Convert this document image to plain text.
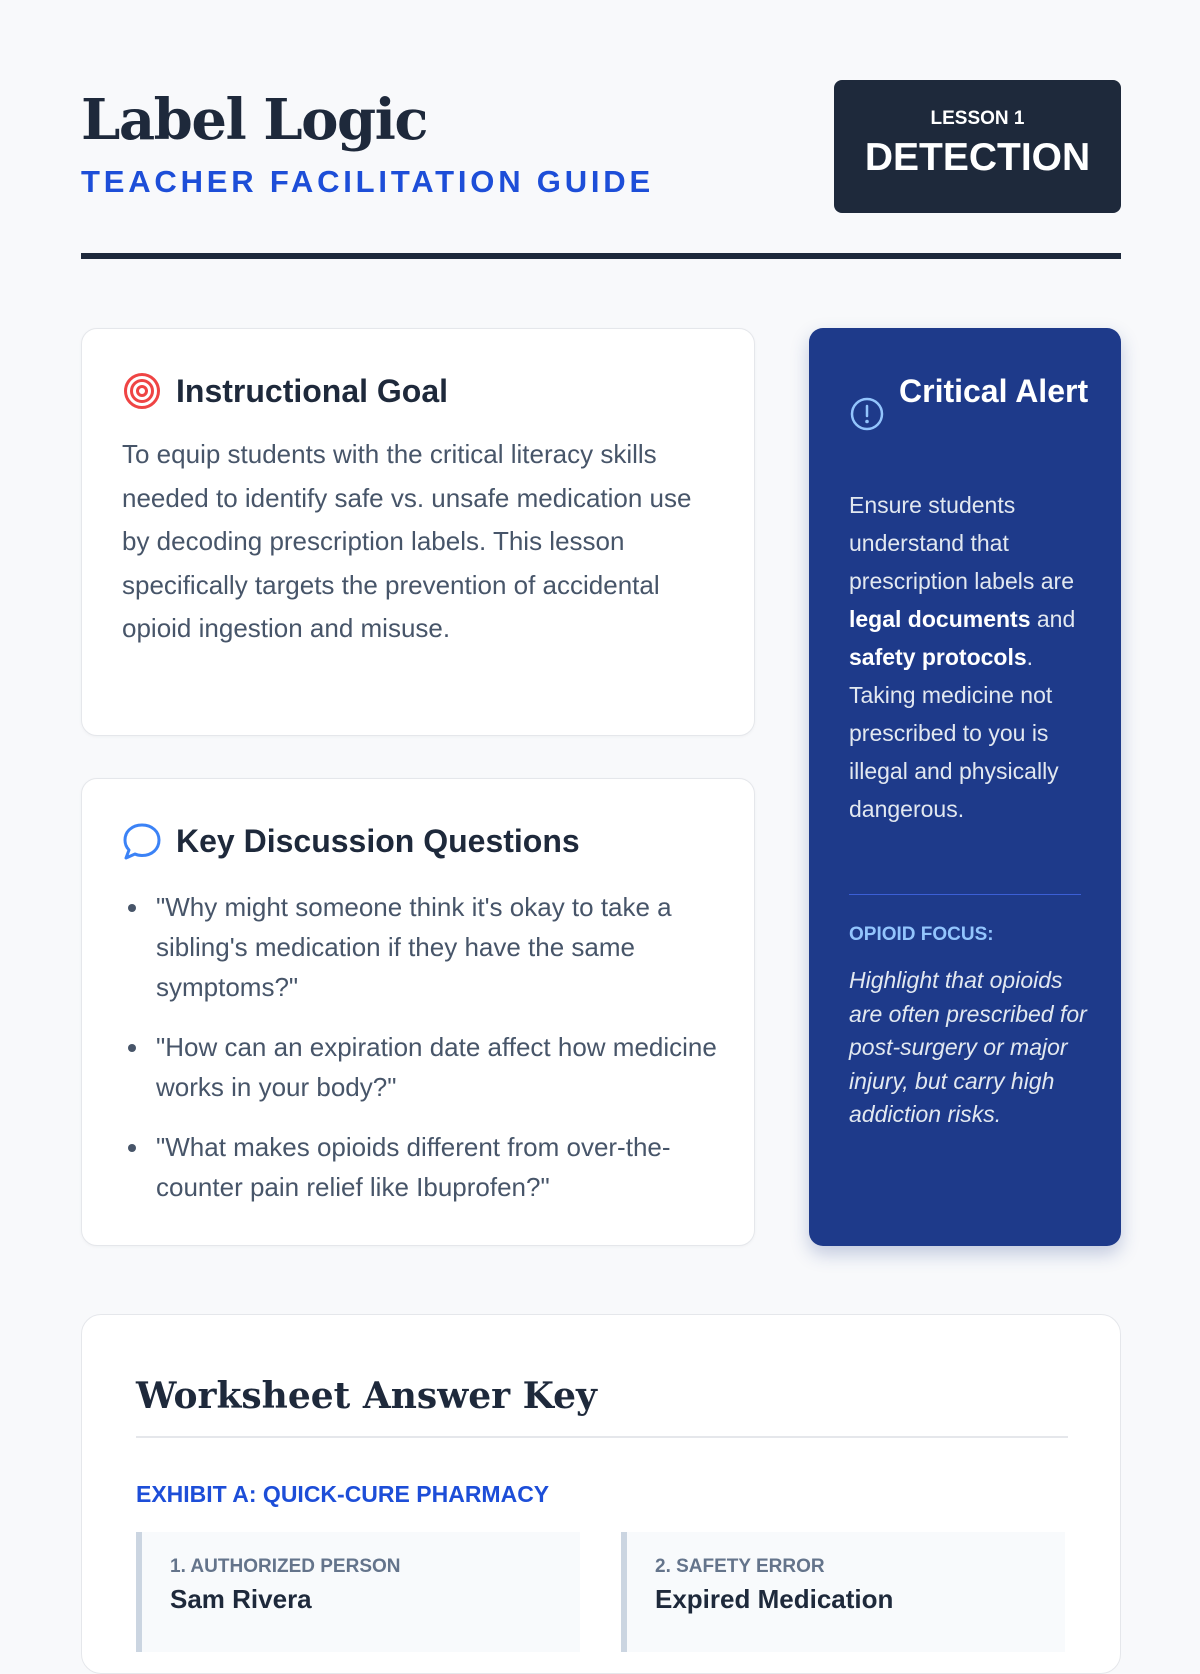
Label Logic
TEACHER FACILITATION GUIDE
LESSON 1
DETECTION
Instructional Goal

To equip students with the critical literacy skills needed to identify safe vs. unsafe medication use by decoding prescription labels. This lesson specifically targets the prevention of accidental opioid ingestion and misuse.

Key Discussion Questions
"Why might someone think it's okay to take a sibling's medication if they have the same symptoms?"
"How can an expiration date affect how medicine works in your body?"
"What makes opioids different from over-the-counter pain relief like Ibuprofen?"
Critical Alert

Ensure students understand that prescription labels are legal documents and safety protocols. Taking medicine not prescribed to you is illegal and physically dangerous.

OPIOID FOCUS:

Highlight that opioids are often prescribed for post-surgery or major injury, but carry high addiction risks.

Worksheet Answer Key
EXHIBIT A: QUICK-CURE PHARMACY
1. AUTHORIZED PERSON
Sam Rivera
2. SAFETY ERROR
Expired Medication
